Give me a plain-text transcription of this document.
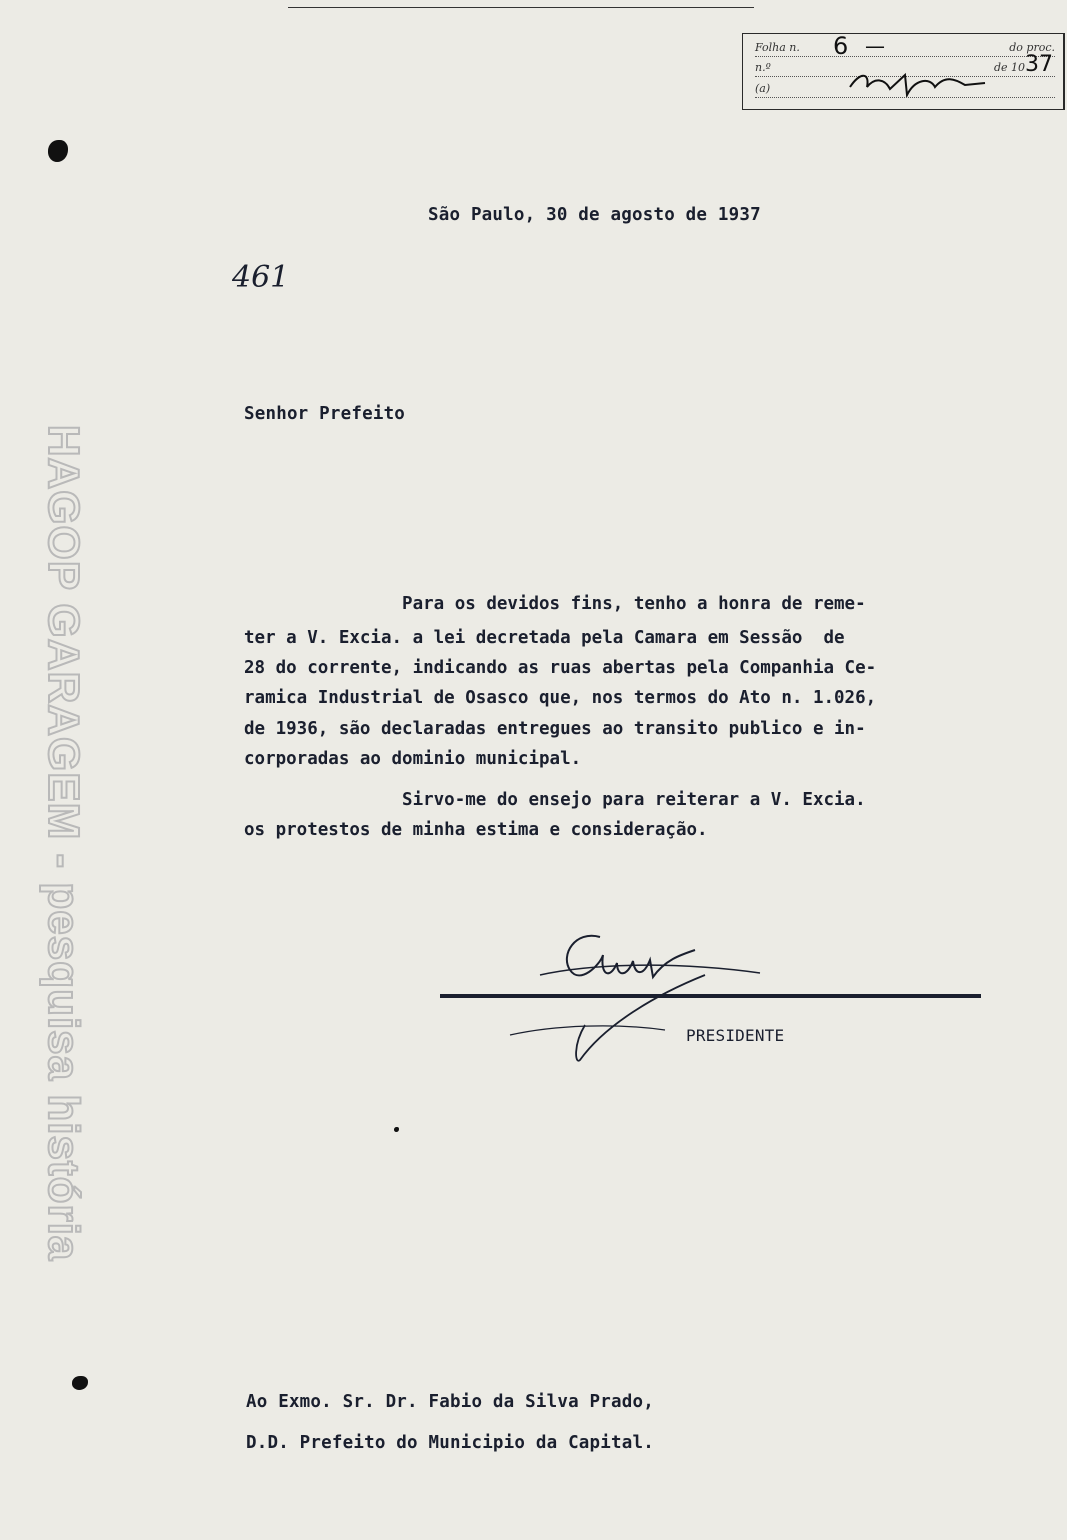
Folha n. 6 —	do proc.
n.º	de 10 37
(a)
HAGOP GARAGEM - pesquisa história
São Paulo, 30 de agosto de 1937
461
Senhor Prefeito
Para os devidos fins, tenho a honra de reme-
ter a V. Excia. a lei decretada pela Camara em Sessão  de
28 do corrente, indicando as ruas abertas pela Companhia Ce-
ramica Industrial de Osasco que, nos termos do Ato n. 1.026,
de 1936, são declaradas entregues ao transito publico e in-
corporadas ao dominio municipal.
Sirvo-me do ensejo para reiterar a V. Excia.
os protestos de minha estima e consideração.
PRESIDENTE
Ao Exmo. Sr. Dr. Fabio da Silva Prado,
D.D. Prefeito do Municipio da Capital.
